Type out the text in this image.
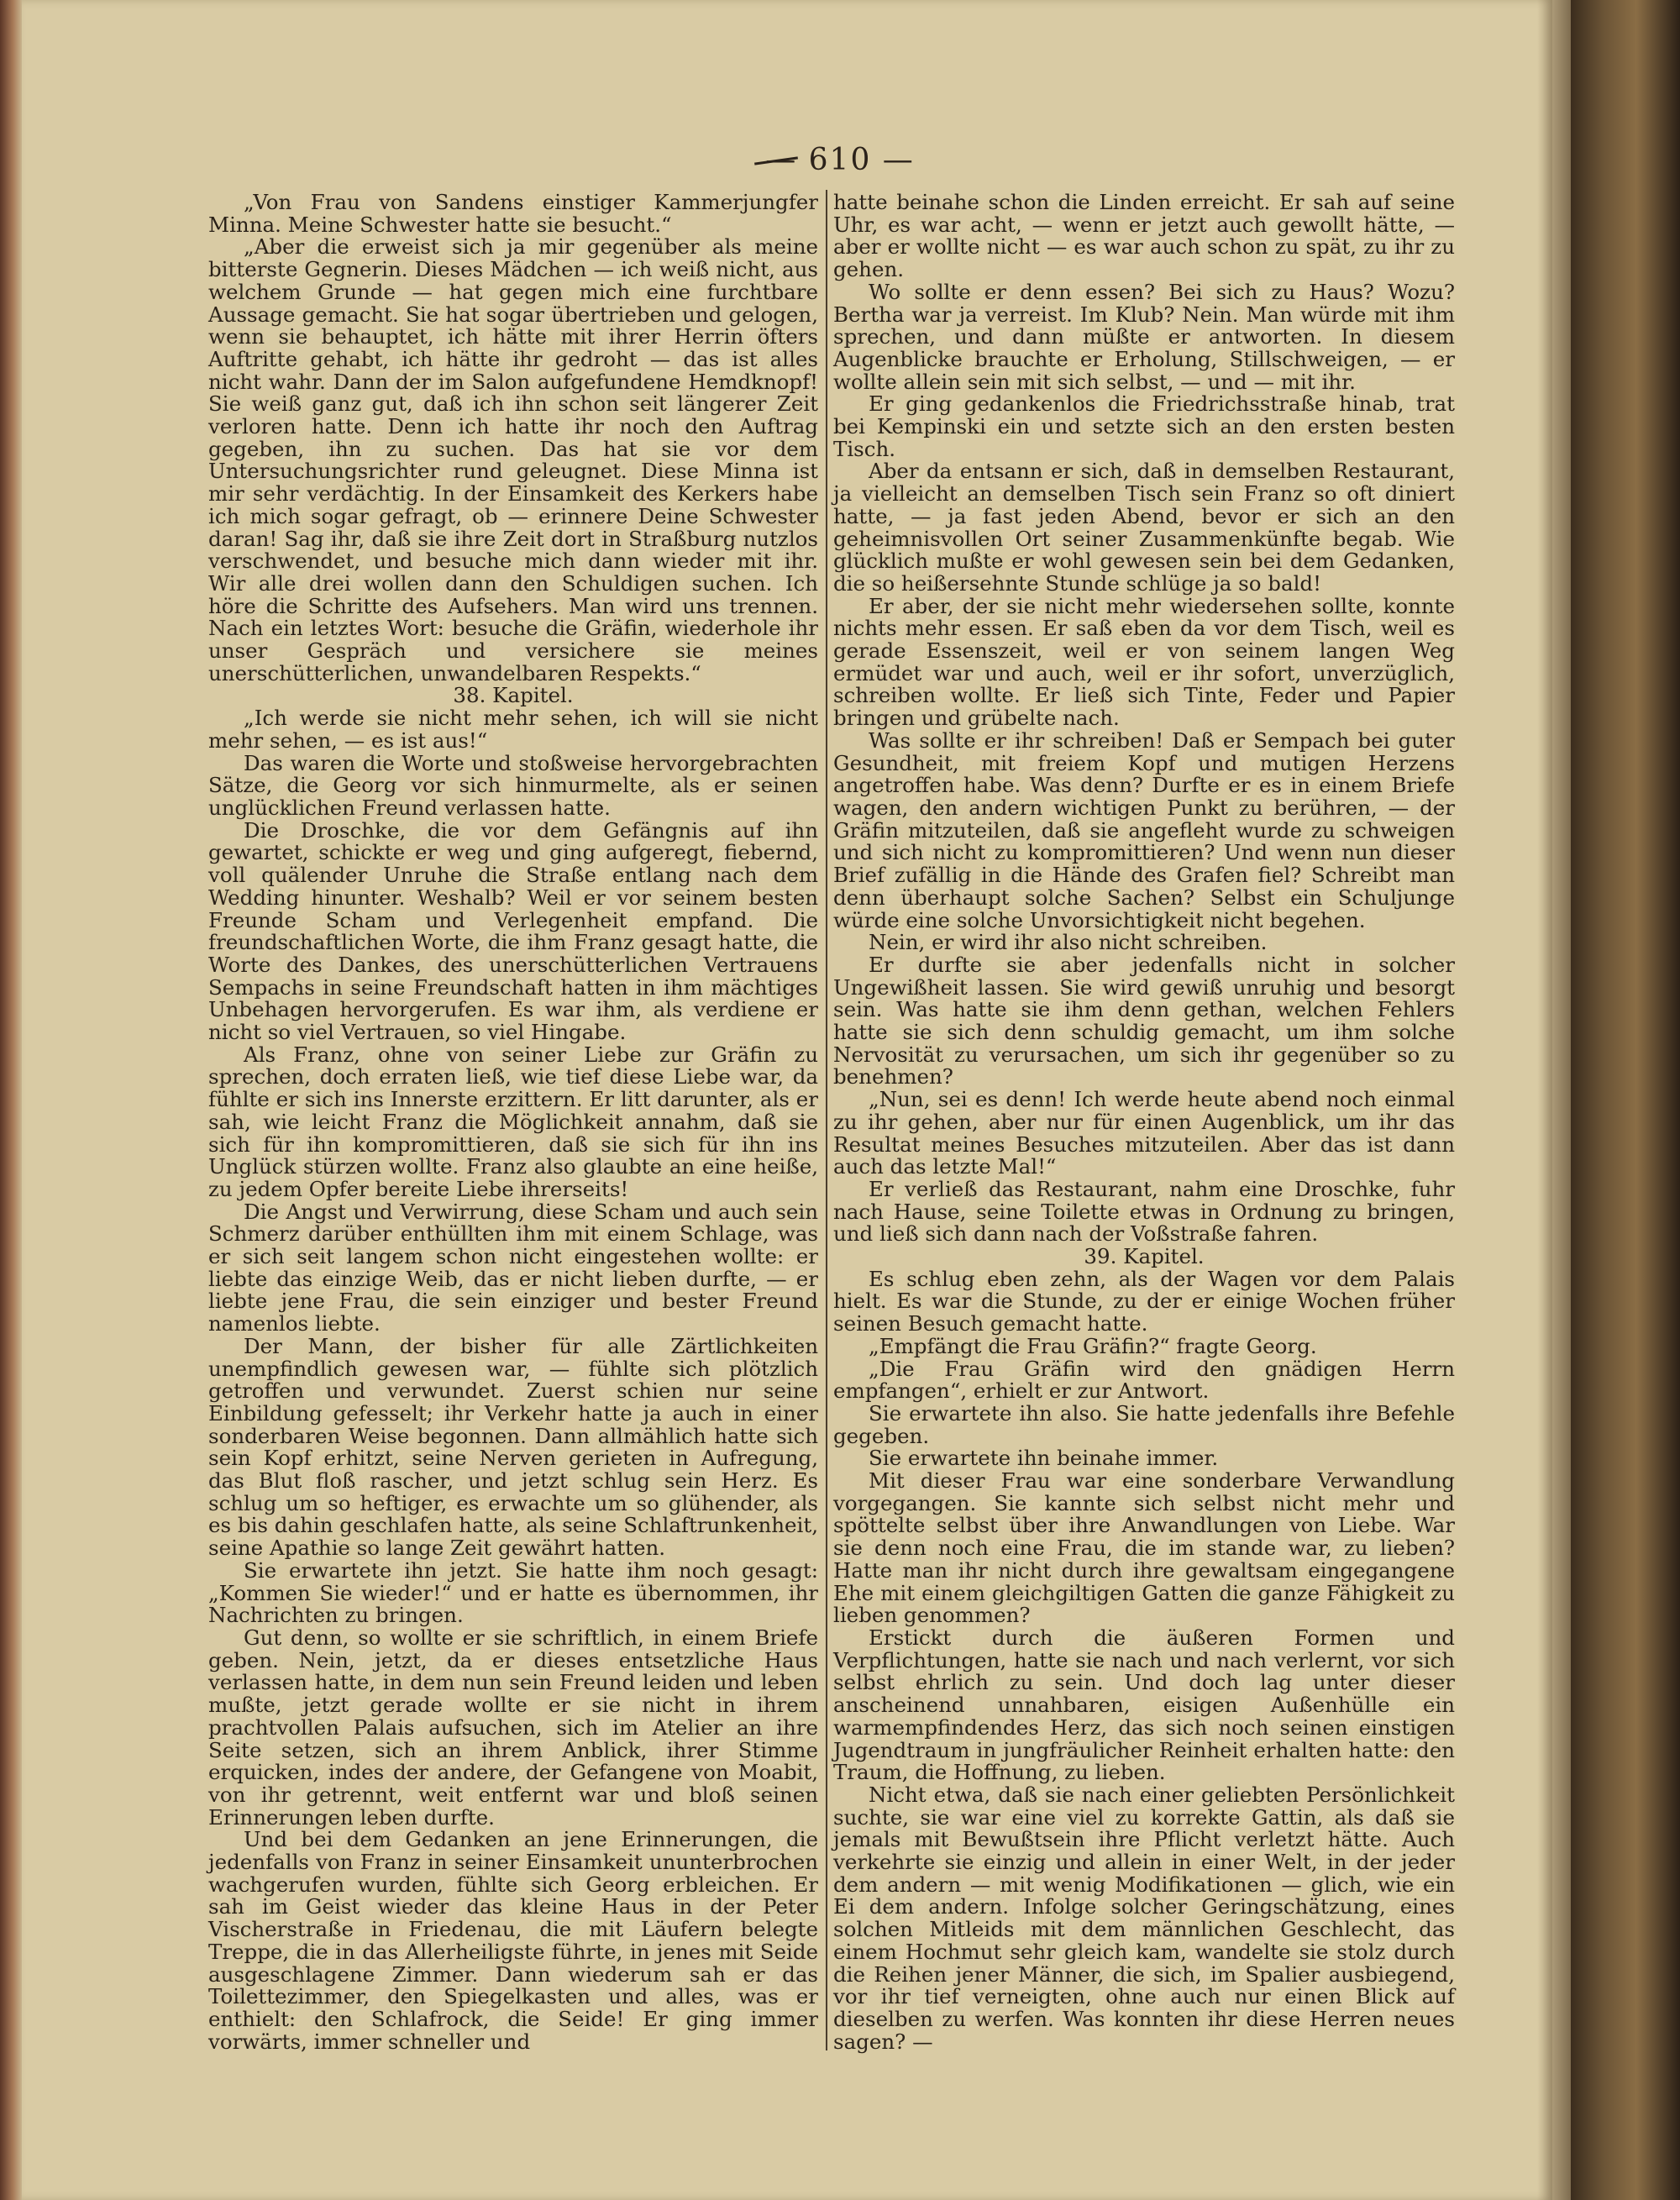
— 610 —

„Von Frau von Sandens einstiger Kammerjungfer Minna. Meine Schwester hatte sie besucht.“

„Aber die erweist sich ja mir gegenüber als meine bitterste Gegnerin. Dieses Mädchen — ich weiß nicht, aus welchem Grunde — hat gegen mich eine furchtbare Aussage gemacht. Sie hat sogar übertrieben und gelogen, wenn sie behauptet, ich hätte mit ihrer Herrin öfters Auftritte gehabt, ich hätte ihr gedroht — das ist alles nicht wahr. Dann der im Salon aufgefundene Hemdknopf! Sie weiß ganz gut, daß ich ihn schon seit längerer Zeit verloren hatte. Denn ich hatte ihr noch den Auftrag gegeben, ihn zu suchen. Das hat sie vor dem Untersuchungsrichter rund geleugnet. Diese Minna ist mir sehr verdächtig. In der Einsamkeit des Kerkers habe ich mich sogar gefragt, ob — erinnere Deine Schwester daran! Sag ihr, daß sie ihre Zeit dort in Straßburg nutzlos verschwendet, und besuche mich dann wieder mit ihr. Wir alle drei wollen dann den Schuldigen suchen. Ich höre die Schritte des Aufsehers. Man wird uns trennen. Nach ein letztes Wort: besuche die Gräfin, wiederhole ihr unser Gespräch und versichere sie meines unerschütterlichen, unwandelbaren Respekts.“

38. Kapitel.

„Ich werde sie nicht mehr sehen, ich will sie nicht mehr sehen, — es ist aus!“

Das waren die Worte und stoßweise hervorgebrachten Sätze, die Georg vor sich hinmurmelte, als er seinen unglücklichen Freund verlassen hatte.

Die Droschke, die vor dem Gefängnis auf ihn gewartet, schickte er weg und ging aufgeregt, fiebernd, voll quälender Unruhe die Straße entlang nach dem Wedding hinunter. Weshalb? Weil er vor seinem besten Freunde Scham und Verlegenheit empfand. Die freundschaftlichen Worte, die ihm Franz gesagt hatte, die Worte des Dankes, des unerschütterlichen Vertrauens Sempachs in seine Freundschaft hatten in ihm mächtiges Unbehagen hervorgerufen. Es war ihm, als verdiene er nicht so viel Vertrauen, so viel Hingabe.

Als Franz, ohne von seiner Liebe zur Gräfin zu sprechen, doch erraten ließ, wie tief diese Liebe war, da fühlte er sich ins Innerste erzittern. Er litt darunter, als er sah, wie leicht Franz die Möglichkeit annahm, daß sie sich für ihn kompromittieren, daß sie sich für ihn ins Unglück stürzen wollte. Franz also glaubte an eine heiße, zu jedem Opfer bereite Liebe ihrerseits!

Die Angst und Verwirrung, diese Scham und auch sein Schmerz darüber enthüllten ihm mit einem Schlage, was er sich seit langem schon nicht eingestehen wollte: er liebte das einzige Weib, das er nicht lieben durfte, — er liebte jene Frau, die sein einziger und bester Freund namenlos liebte.

Der Mann, der bisher für alle Zärtlichkeiten unempfindlich gewesen war, — fühlte sich plötzlich getroffen und verwundet. Zuerst schien nur seine Einbildung gefesselt; ihr Verkehr hatte ja auch in einer sonderbaren Weise begonnen. Dann allmählich hatte sich sein Kopf erhitzt, seine Nerven gerieten in Aufregung, das Blut floß rascher, und jetzt schlug sein Herz. Es schlug um so heftiger, es erwachte um so glühender, als es bis dahin geschlafen hatte, als seine Schlaftrunkenheit, seine Apathie so lange Zeit gewährt hatten.

Sie erwartete ihn jetzt. Sie hatte ihm noch gesagt: „Kommen Sie wieder!“ und er hatte es übernommen, ihr Nachrichten zu bringen.

Gut denn, so wollte er sie schriftlich, in einem Briefe geben. Nein, jetzt, da er dieses entsetzliche Haus verlassen hatte, in dem nun sein Freund leiden und leben mußte, jetzt gerade wollte er sie nicht in ihrem prachtvollen Palais aufsuchen, sich im Atelier an ihre Seite setzen, sich an ihrem Anblick, ihrer Stimme erquicken, indes der andere, der Gefangene von Moabit, von ihr getrennt, weit entfernt war und bloß seinen Erinnerungen leben durfte.

Und bei dem Gedanken an jene Erinnerungen, die jedenfalls von Franz in seiner Einsamkeit ununterbrochen wachgerufen wurden, fühlte sich Georg erbleichen. Er sah im Geist wieder das kleine Haus in der Peter Vischerstraße in Friedenau, die mit Läufern belegte Treppe, die in das Allerheiligste führte, in jenes mit Seide ausgeschlagene Zimmer. Dann wiederum sah er das Toilettezimmer, den Spiegelkasten und alles, was er enthielt: den Schlafrock, die Seide! Er ging immer vorwärts, immer schneller und

hatte beinahe schon die Linden erreicht. Er sah auf seine Uhr, es war acht, — wenn er jetzt auch gewollt hätte, — aber er wollte nicht — es war auch schon zu spät, zu ihr zu gehen.

Wo sollte er denn essen? Bei sich zu Haus? Wozu? Bertha war ja verreist. Im Klub? Nein. Man würde mit ihm sprechen, und dann müßte er antworten. In diesem Augenblicke brauchte er Erholung, Stillschweigen, — er wollte allein sein mit sich selbst, — und — mit ihr.

Er ging gedankenlos die Friedrichsstraße hinab, trat bei Kempinski ein und setzte sich an den ersten besten Tisch.

Aber da entsann er sich, daß in demselben Restaurant, ja vielleicht an demselben Tisch sein Franz so oft diniert hatte, — ja fast jeden Abend, bevor er sich an den geheimnisvollen Ort seiner Zusammenkünfte begab. Wie glücklich mußte er wohl gewesen sein bei dem Gedanken, die so heißersehnte Stunde schlüge ja so bald!

Er aber, der sie nicht mehr wiedersehen sollte, konnte nichts mehr essen. Er saß eben da vor dem Tisch, weil es gerade Essenszeit, weil er von seinem langen Weg ermüdet war und auch, weil er ihr sofort, unverzüglich, schreiben wollte. Er ließ sich Tinte, Feder und Papier bringen und grübelte nach.

Was sollte er ihr schreiben! Daß er Sempach bei guter Gesundheit, mit freiem Kopf und mutigen Herzens angetroffen habe. Was denn? Durfte er es in einem Briefe wagen, den andern wichtigen Punkt zu berühren, — der Gräfin mitzuteilen, daß sie angefleht wurde zu schweigen und sich nicht zu kompromittieren? Und wenn nun dieser Brief zufällig in die Hände des Grafen fiel? Schreibt man denn überhaupt solche Sachen? Selbst ein Schuljunge würde eine solche Unvorsichtigkeit nicht begehen.

Nein, er wird ihr also nicht schreiben.

Er durfte sie aber jedenfalls nicht in solcher Ungewißheit lassen. Sie wird gewiß unruhig und besorgt sein. Was hatte sie ihm denn gethan, welchen Fehlers hatte sie sich denn schuldig gemacht, um ihm solche Nervosität zu verursachen, um sich ihr gegenüber so zu benehmen?

„Nun, sei es denn! Ich werde heute abend noch einmal zu ihr gehen, aber nur für einen Augenblick, um ihr das Resultat meines Besuches mitzuteilen. Aber das ist dann auch das letzte Mal!“

Er verließ das Restaurant, nahm eine Droschke, fuhr nach Hause, seine Toilette etwas in Ordnung zu bringen, und ließ sich dann nach der Voßstraße fahren.

39. Kapitel.

Es schlug eben zehn, als der Wagen vor dem Palais hielt. Es war die Stunde, zu der er einige Wochen früher seinen Besuch gemacht hatte.

„Empfängt die Frau Gräfin?“ fragte Georg.

„Die Frau Gräfin wird den gnädigen Herrn empfangen“, erhielt er zur Antwort.

Sie erwartete ihn also. Sie hatte jedenfalls ihre Befehle gegeben.

Sie erwartete ihn beinahe immer.

Mit dieser Frau war eine sonderbare Verwandlung vorgegangen. Sie kannte sich selbst nicht mehr und spöttelte selbst über ihre Anwandlungen von Liebe. War sie denn noch eine Frau, die im stande war, zu lieben? Hatte man ihr nicht durch ihre gewaltsam eingegangene Ehe mit einem gleichgiltigen Gatten die ganze Fähigkeit zu lieben genommen?

Erstickt durch die äußeren Formen und Verpflichtungen, hatte sie nach und nach verlernt, vor sich selbst ehrlich zu sein. Und doch lag unter dieser anscheinend unnahbaren, eisigen Außenhülle ein warmempfindendes Herz, das sich noch seinen einstigen Jugendtraum in jungfräulicher Reinheit erhalten hatte: den Traum, die Hoffnung, zu lieben.

Nicht etwa, daß sie nach einer geliebten Persönlichkeit suchte, sie war eine viel zu korrekte Gattin, als daß sie jemals mit Bewußtsein ihre Pflicht verletzt hätte. Auch verkehrte sie einzig und allein in einer Welt, in der jeder dem andern — mit wenig Modifikationen — glich, wie ein Ei dem andern. Infolge solcher Geringschätzung, eines solchen Mitleids mit dem männlichen Geschlecht, das einem Hochmut sehr gleich kam, wandelte sie stolz durch die Reihen jener Männer, die sich, im Spalier ausbiegend, vor ihr tief verneigten, ohne auch nur einen Blick auf dieselben zu werfen. Was konnten ihr diese Herren neues sagen? —
